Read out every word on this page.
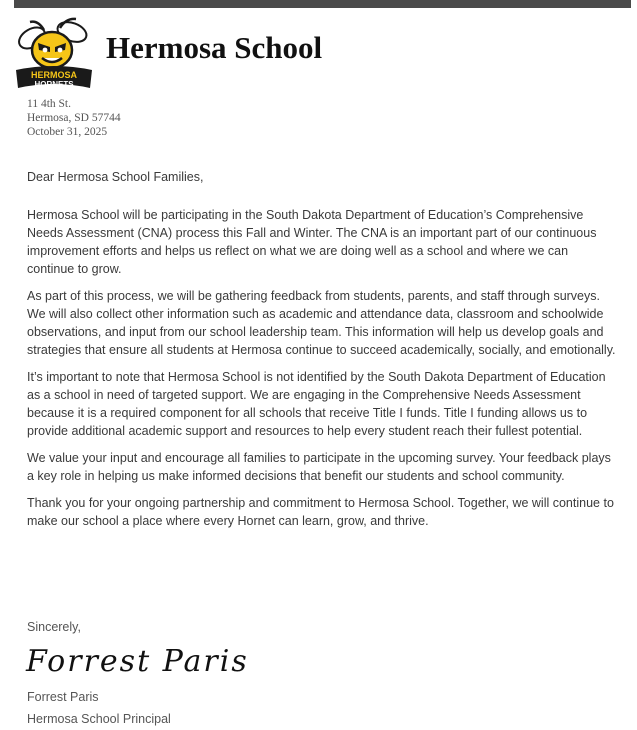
HERMOSA
HORNETS
Hermosa School
11 4th St.
Hermosa, SD 57744
October 31, 2025

Dear Hermosa School Families,

Hermosa School will be participating in the South Dakota Department of Education’s Comprehensive Needs Assessment (CNA) process this Fall and Winter. The CNA is an important part of our continuous improvement efforts and helps us reflect on what we are doing well as a school and where we can continue to grow.

As part of this process, we will be gathering feedback from students, parents, and staff through surveys. We will also collect other information such as academic and attendance data, classroom and schoolwide observations, and input from our school leadership team. This information will help us develop goals and strategies that ensure all students at Hermosa continue to succeed academically, socially, and emotionally.

It’s important to note that Hermosa School is not identified by the South Dakota Department of Education as a school in need of targeted support. We are engaging in the Comprehensive Needs Assessment because it is a required component for all schools that receive Title I funds. Title I funding allows us to provide additional academic support and resources to help every student reach their fullest potential.

We value your input and encourage all families to participate in the upcoming survey. Your feedback plays a key role in helping us make informed decisions that benefit our students and school community.

Thank you for your ongoing partnership and commitment to Hermosa School. Together, we will continue to make our school a place where every Hornet can learn, grow, and thrive.

Sincerely,
Forrest Paris
Forrest Paris
Hermosa School Principal
